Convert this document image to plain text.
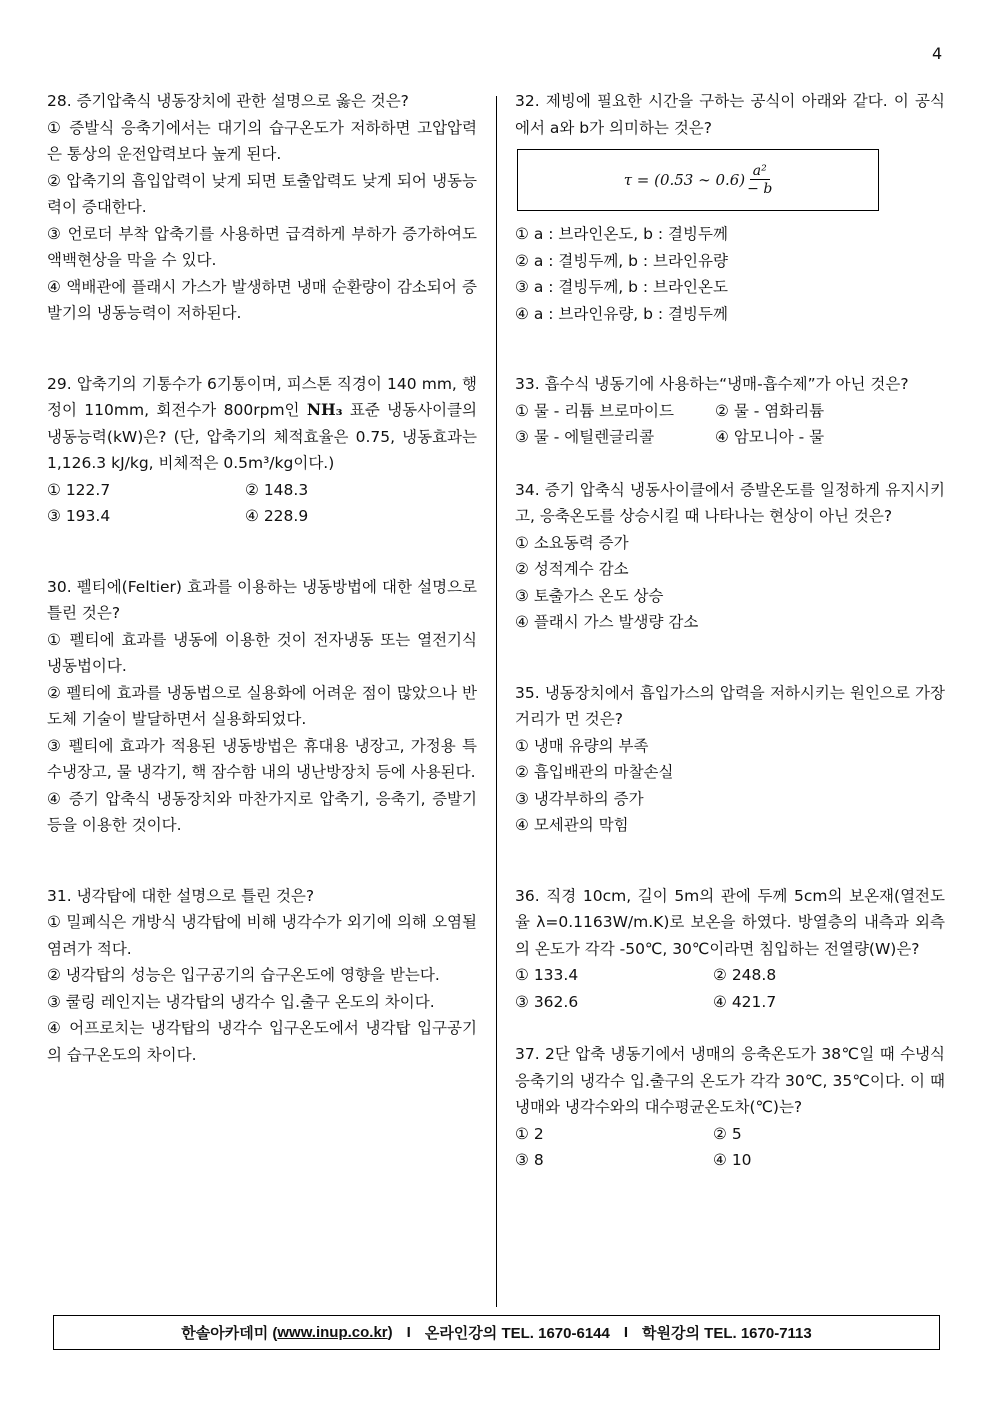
4

28. 증기압축식 냉동장치에 관한 설명으로 옳은 것은?

① 증발식 응축기에서는 대기의 습구온도가 저하하면 고압압력은 통상의 운전압력보다 높게 된다.

② 압축기의 흡입압력이 낮게 되면 토출압력도 낮게 되어 냉동능력이 증대한다.

③ 언로더 부착 압축기를 사용하면 급격하게 부하가 증가하여도 액백현상을 막을 수 있다.

④ 액배관에 플래시 가스가 발생하면 냉매 순환량이 감소되어 증발기의 냉동능력이 저하된다.

29. 압축기의 기통수가 6기통이며, 피스톤 직경이 140 mm, 행정이 110mm, 회전수가 800rpm인 NH₃ 표준 냉동사이클의 냉동능력(kW)은? (단, 압축기의 체적효율은 0.75, 냉동효과는 1,126.3 kJ/kg, 비체적은 0.5m³/kg이다.)

① 122.7	② 148.3
③ 193.4	④ 228.9

30. 펠티에(Feltier) 효과를 이용하는 냉동방법에 대한 설명으로 틀린 것은?

① 펠티에 효과를 냉동에 이용한 것이 전자냉동 또는 열전기식 냉동법이다.

② 펠티에 효과를 냉동법으로 실용화에 어려운 점이 많았으나 반도체 기술이 발달하면서 실용화되었다.

③ 펠티에 효과가 적용된 냉동방법은 휴대용 냉장고, 가정용 특수냉장고, 물 냉각기, 핵 잠수함 내의 냉난방장치 등에 사용된다.

④ 증기 압축식 냉동장치와 마찬가지로 압축기, 응축기, 증발기 등을 이용한 것이다.

31. 냉각탑에 대한 설명으로 틀린 것은?

① 밀폐식은 개방식 냉각탑에 비해 냉각수가 외기에 의해 오염될 염려가 적다.

② 냉각탑의 성능은 입구공기의 습구온도에 영향을 받는다.

③ 쿨링 레인지는 냉각탑의 냉각수 입.출구 온도의 차이다.

④ 어프로치는 냉각탑의 냉각수 입구온도에서 냉각탑 입구공기의 습구온도의 차이다.

32. 제빙에 필요한 시간을 구하는 공식이 아래와 같다. 이 공식에서 a와 b가 의미하는 것은?

τ = (0.53 ∼ $0.6) \frac{\text{a²}}{- b}$

① a : 브라인온도, b : 결빙두께

② a : 결빙두께, b : 브라인유량

③ a : 결빙두께, b : 브라인온도

④ a : 브라인유량, b : 결빙두께

33. 흡수식 냉동기에 사용하는“냉매-흡수제”가 아닌 것은?

① 물 - 리튬 브로마이드	② 물 - 염화리튬
③ 물 - 에틸렌글리콜	④ 암모니아 - 물

34. 증기 압축식 냉동사이클에서 증발온도를 일정하게 유지시키고, 응축온도를 상승시킬 때 나타나는 현상이 아닌 것은?

① 소요동력 증가

② 성적계수 감소

③ 토출가스 온도 상승

④ 플래시 가스 발생량 감소

35. 냉동장치에서 흡입가스의 압력을 저하시키는 원인으로 가장 거리가 먼 것은?

① 냉매 유량의 부족

② 흡입배관의 마찰손실

③ 냉각부하의 증가

④ 모세관의 막힘

36. 직경 10cm, 길이 5m의 관에 두께 5cm의 보온재(열전도율 λ=0.1163W/m.K)로 보온을 하였다. 방열층의 내측과 외측의 온도가 각각 -50℃, 30℃이라면 침입하는 전열량(W)은?

① 133.4	② 248.8
③ 362.6	④ 421.7

37. 2단 압축 냉동기에서 냉매의 응축온도가 38℃일 때 수냉식 응축기의 냉각수 입.출구의 온도가 각각 30℃, 35℃이다. 이 때 냉매와 냉각수와의 대수평균온도차(℃)는?

① 2	② 5
③ 8	④ 10
한솔아카데미 ( www.inup.co.kr ) I 온라인강의 TEL. 1670-6144 I 학원강의 TEL. 1670-7113
